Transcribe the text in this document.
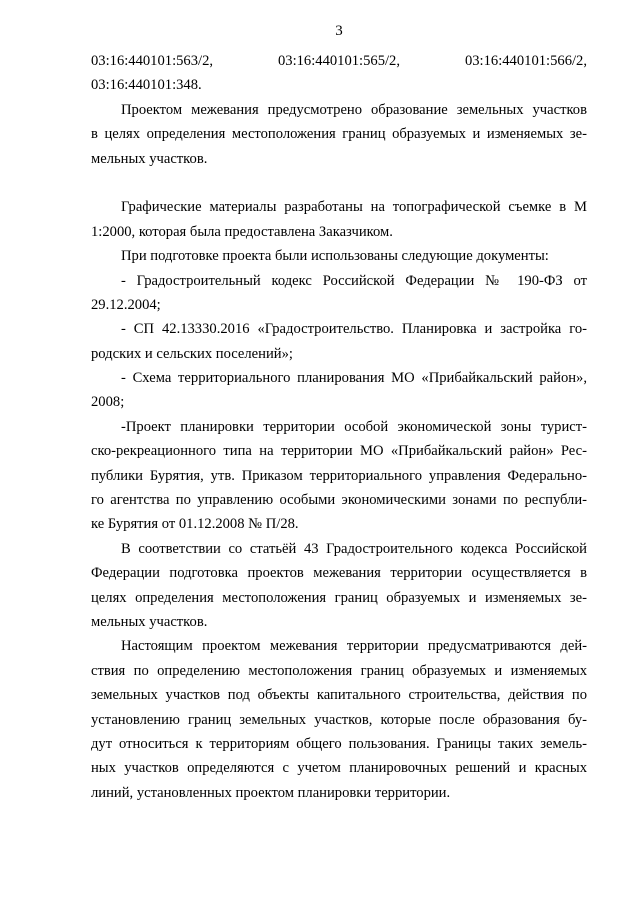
3
03:16:440101:563/2, 03:16:440101:565/2, 03:16:440101:566/2,
03:16:440101:348.
Проектом межевания предусмотрено образование земельных участков
в целях определения местоположения границ образуемых и изменяемых зе-
мельных участков.
Графические материалы разработаны на топографической съемке в М
1:2000, которая была предоставлена Заказчиком.
При подготовке проекта были использованы следующие документы:
- Градостроительный кодекс Российской Федерации № 190-ФЗ от
29.12.2004;
- СП 42.13330.2016 «Градостроительство. Планировка и застройка го-
родских и сельских поселений»;
- Схема территориального планирования МО «Прибайкальский район»,
2008;
-Проект планировки территории особой экономической зоны турист-
ско-рекреационного типа на территории МО «Прибайкальский район» Рес-
публики Бурятия, утв. Приказом территориального управления Федерально-
го агентства по управлению особыми экономическими зонами по республи-
ке Бурятия от 01.12.2008 № П/28.
В соответствии со статьёй 43 Градостроительного кодекса Российской
Федерации подготовка проектов межевания территории осуществляется в
целях определения местоположения границ образуемых и изменяемых зе-
мельных участков.
Настоящим проектом межевания территории предусматриваются дей-
ствия по определению местоположения границ образуемых и изменяемых
земельных участков под объекты капитального строительства, действия по
установлению границ земельных участков, которые после образования бу-
дут относиться к территориям общего пользования. Границы таких земель-
ных участков определяются с учетом планировочных решений и красных
линий, установленных проектом планировки территории.
